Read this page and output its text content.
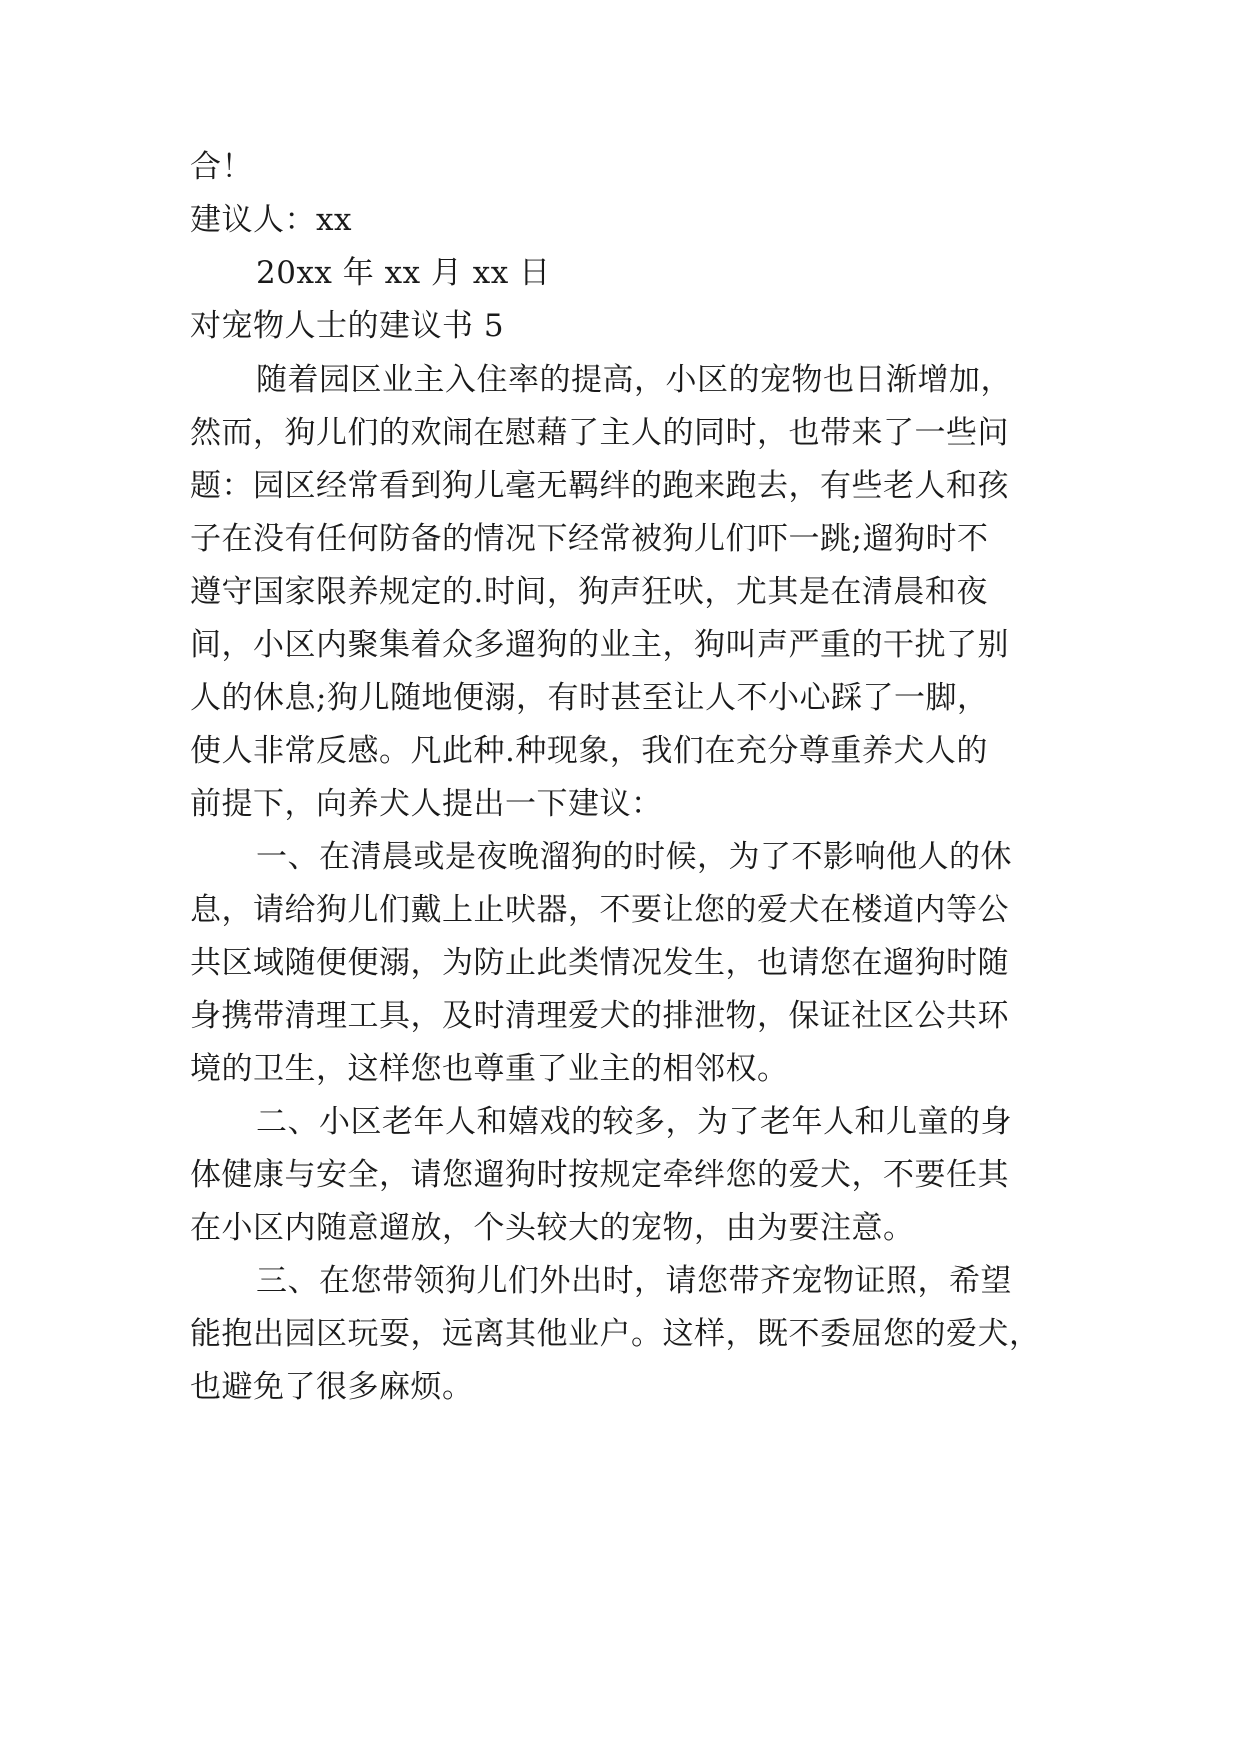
合！
建议人：xx
20xx 年 xx 月 xx 日
对宠物人士的建议书 5
随着园区业主入住率的提高，小区的宠物也日渐增加，
然而，狗儿们的欢闹在慰藉了主人的同时，也带来了一些问
题：园区经常看到狗儿毫无羁绊的跑来跑去，有些老人和孩
子在没有任何防备的情况下经常被狗儿们吓一跳;遛狗时不
遵守国家限养规定的.时间，狗声狂吠，尤其是在清晨和夜
间，小区内聚集着众多遛狗的业主，狗叫声严重的干扰了别
人的休息;狗儿随地便溺，有时甚至让人不小心踩了一脚，
使人非常反感。凡此种.种现象，我们在充分尊重养犬人的
前提下，向养犬人提出一下建议：
一、在清晨或是夜晚溜狗的时候，为了不影响他人的休
息，请给狗儿们戴上止吠器，不要让您的爱犬在楼道内等公
共区域随便便溺，为防止此类情况发生，也请您在遛狗时随
身携带清理工具，及时清理爱犬的排泄物，保证社区公共环
境的卫生，这样您也尊重了业主的相邻权。
二、小区老年人和嬉戏的较多，为了老年人和儿童的身
体健康与安全，请您遛狗时按规定牵绊您的爱犬，不要任其
在小区内随意遛放，个头较大的宠物，由为要注意。
三、在您带领狗儿们外出时，请您带齐宠物证照，希望
能抱出园区玩耍，远离其他业户。这样，既不委屈您的爱犬，
也避免了很多麻烦。
